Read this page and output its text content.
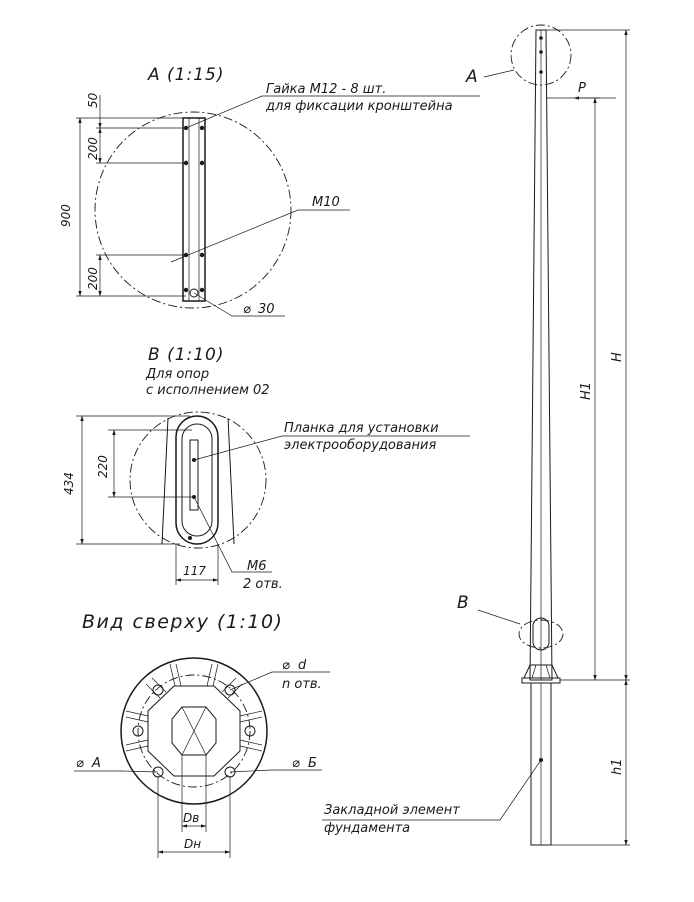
А (1:15)
50
200
900
200
Гайка М12 - 8 шт.
для фиксации кронштейна
М10
⌀ 30
В (1:10)
Для опор
с исполнением 02
434
220
117
Планка для установки
электрооборудования
М6
2 отв.
Вид сверху (1:10)
⌀ d
n отв.
⌀ А	⌀ Б
Dв
Dн
А
В
Р
Н1
Н
h1
Закладной элемент
фундамента
